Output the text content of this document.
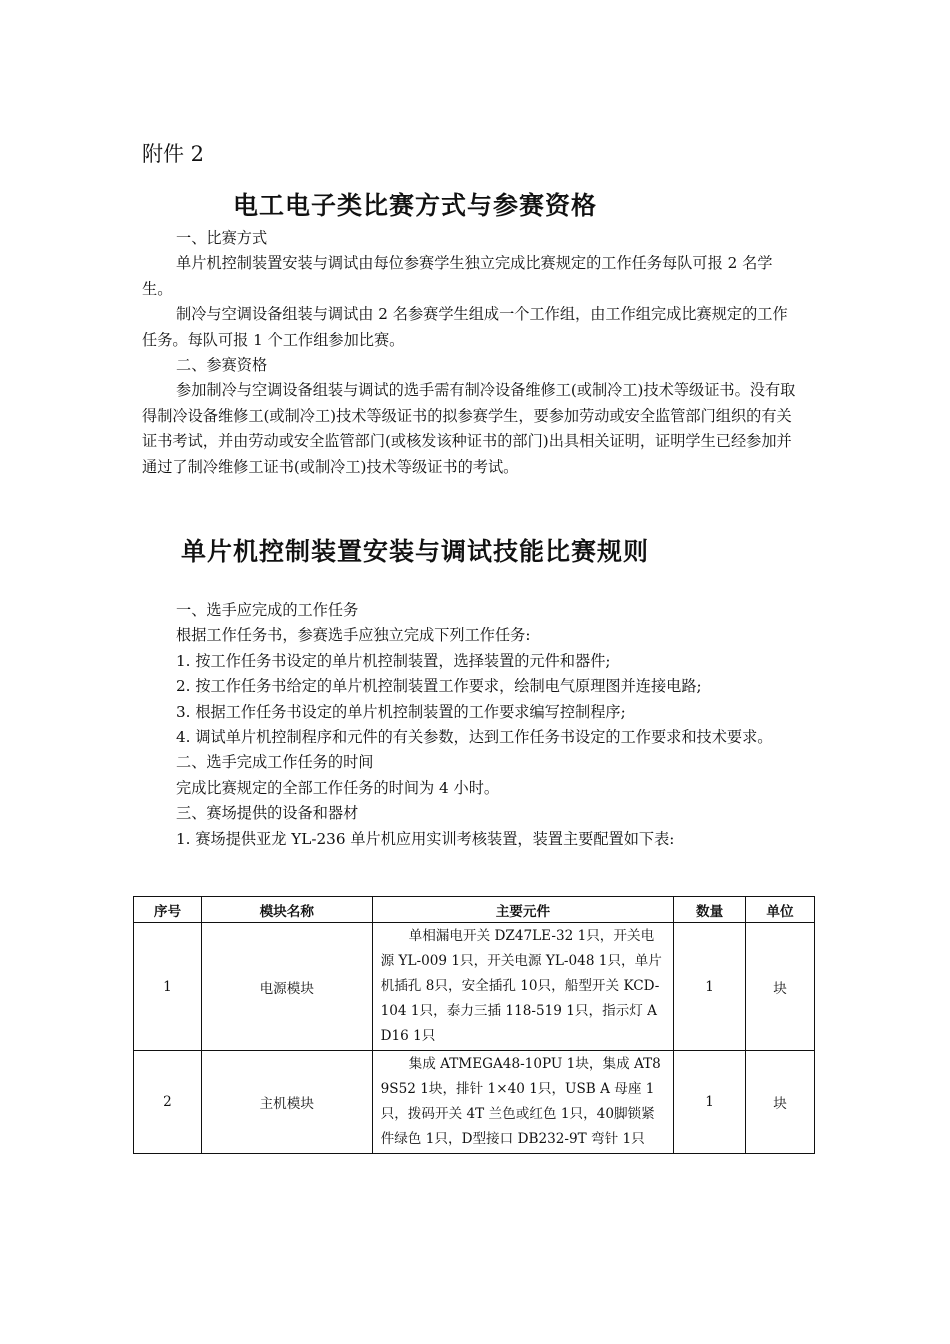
附件 2
电工电子类比赛方式与参赛资格

一、比赛方式

单片机控制装置安装与调试由每位参赛学生独立完成比赛规定的工作任务每队可报 2 名学生。

制冷与空调设备组装与调试由 2 名参赛学生组成一个工作组，由工作组完成比赛规定的工作任务。每队可报 1 个工作组参加比赛。

二、参赛资格

参加制冷与空调设备组装与调试的选手需有制冷设备维修工(或制冷工)技术等级证书。没有取得制冷设备维修工(或制冷工)技术等级证书的拟参赛学生，要参加劳动或安全监管部门组织的有关证书考试，并由劳动或安全监管部门(或核发该种证书的部门)出具相关证明，证明学生已经参加并通过了制冷维修工证书(或制冷工)技术等级证书的考试。

单片机控制装置安装与调试技能比赛规则

一、选手应完成的工作任务

根据工作任务书，参赛选手应独立完成下列工作任务:

1. 按工作任务书设定的单片机控制装置，选择装置的元件和器件;

2. 按工作任务书给定的单片机控制装置工作要求，绘制电气原理图并连接电路;

3. 根据工作任务书设定的单片机控制装置的工作要求编写控制程序;

4. 调试单片机控制程序和元件的有关参数，达到工作任务书设定的工作要求和技术要求。

二、选手完成工作任务的时间

完成比赛规定的全部工作任务的时间为 4 小时。

三、赛场提供的设备和器材

1. 赛场提供亚龙 YL-236 单片机应用实训考核装置，装置主要配置如下表:

序号	模块名称	主要元件	数量	单位
1	电源模块	单相漏电开关 DZ47LE-32 1只，开关电源 YL-009 1只，开关电源 YL-048 1只，单片机插孔 8只，安全插孔 10只，船型开关 KCD-104 1只，泰力三插 118-519 1只，指示灯 AD16 1只	1	块
2	主机模块	集成 ATMEGA48-10PU 1块，集成 AT89S52 1块，排针 1×40 1只，USB A 母座 1只，拨码开关 4T 兰色或红色 1只，40脚锁紧件绿色 1只，D型接口 DB232-9T 弯针 1只	1	块
